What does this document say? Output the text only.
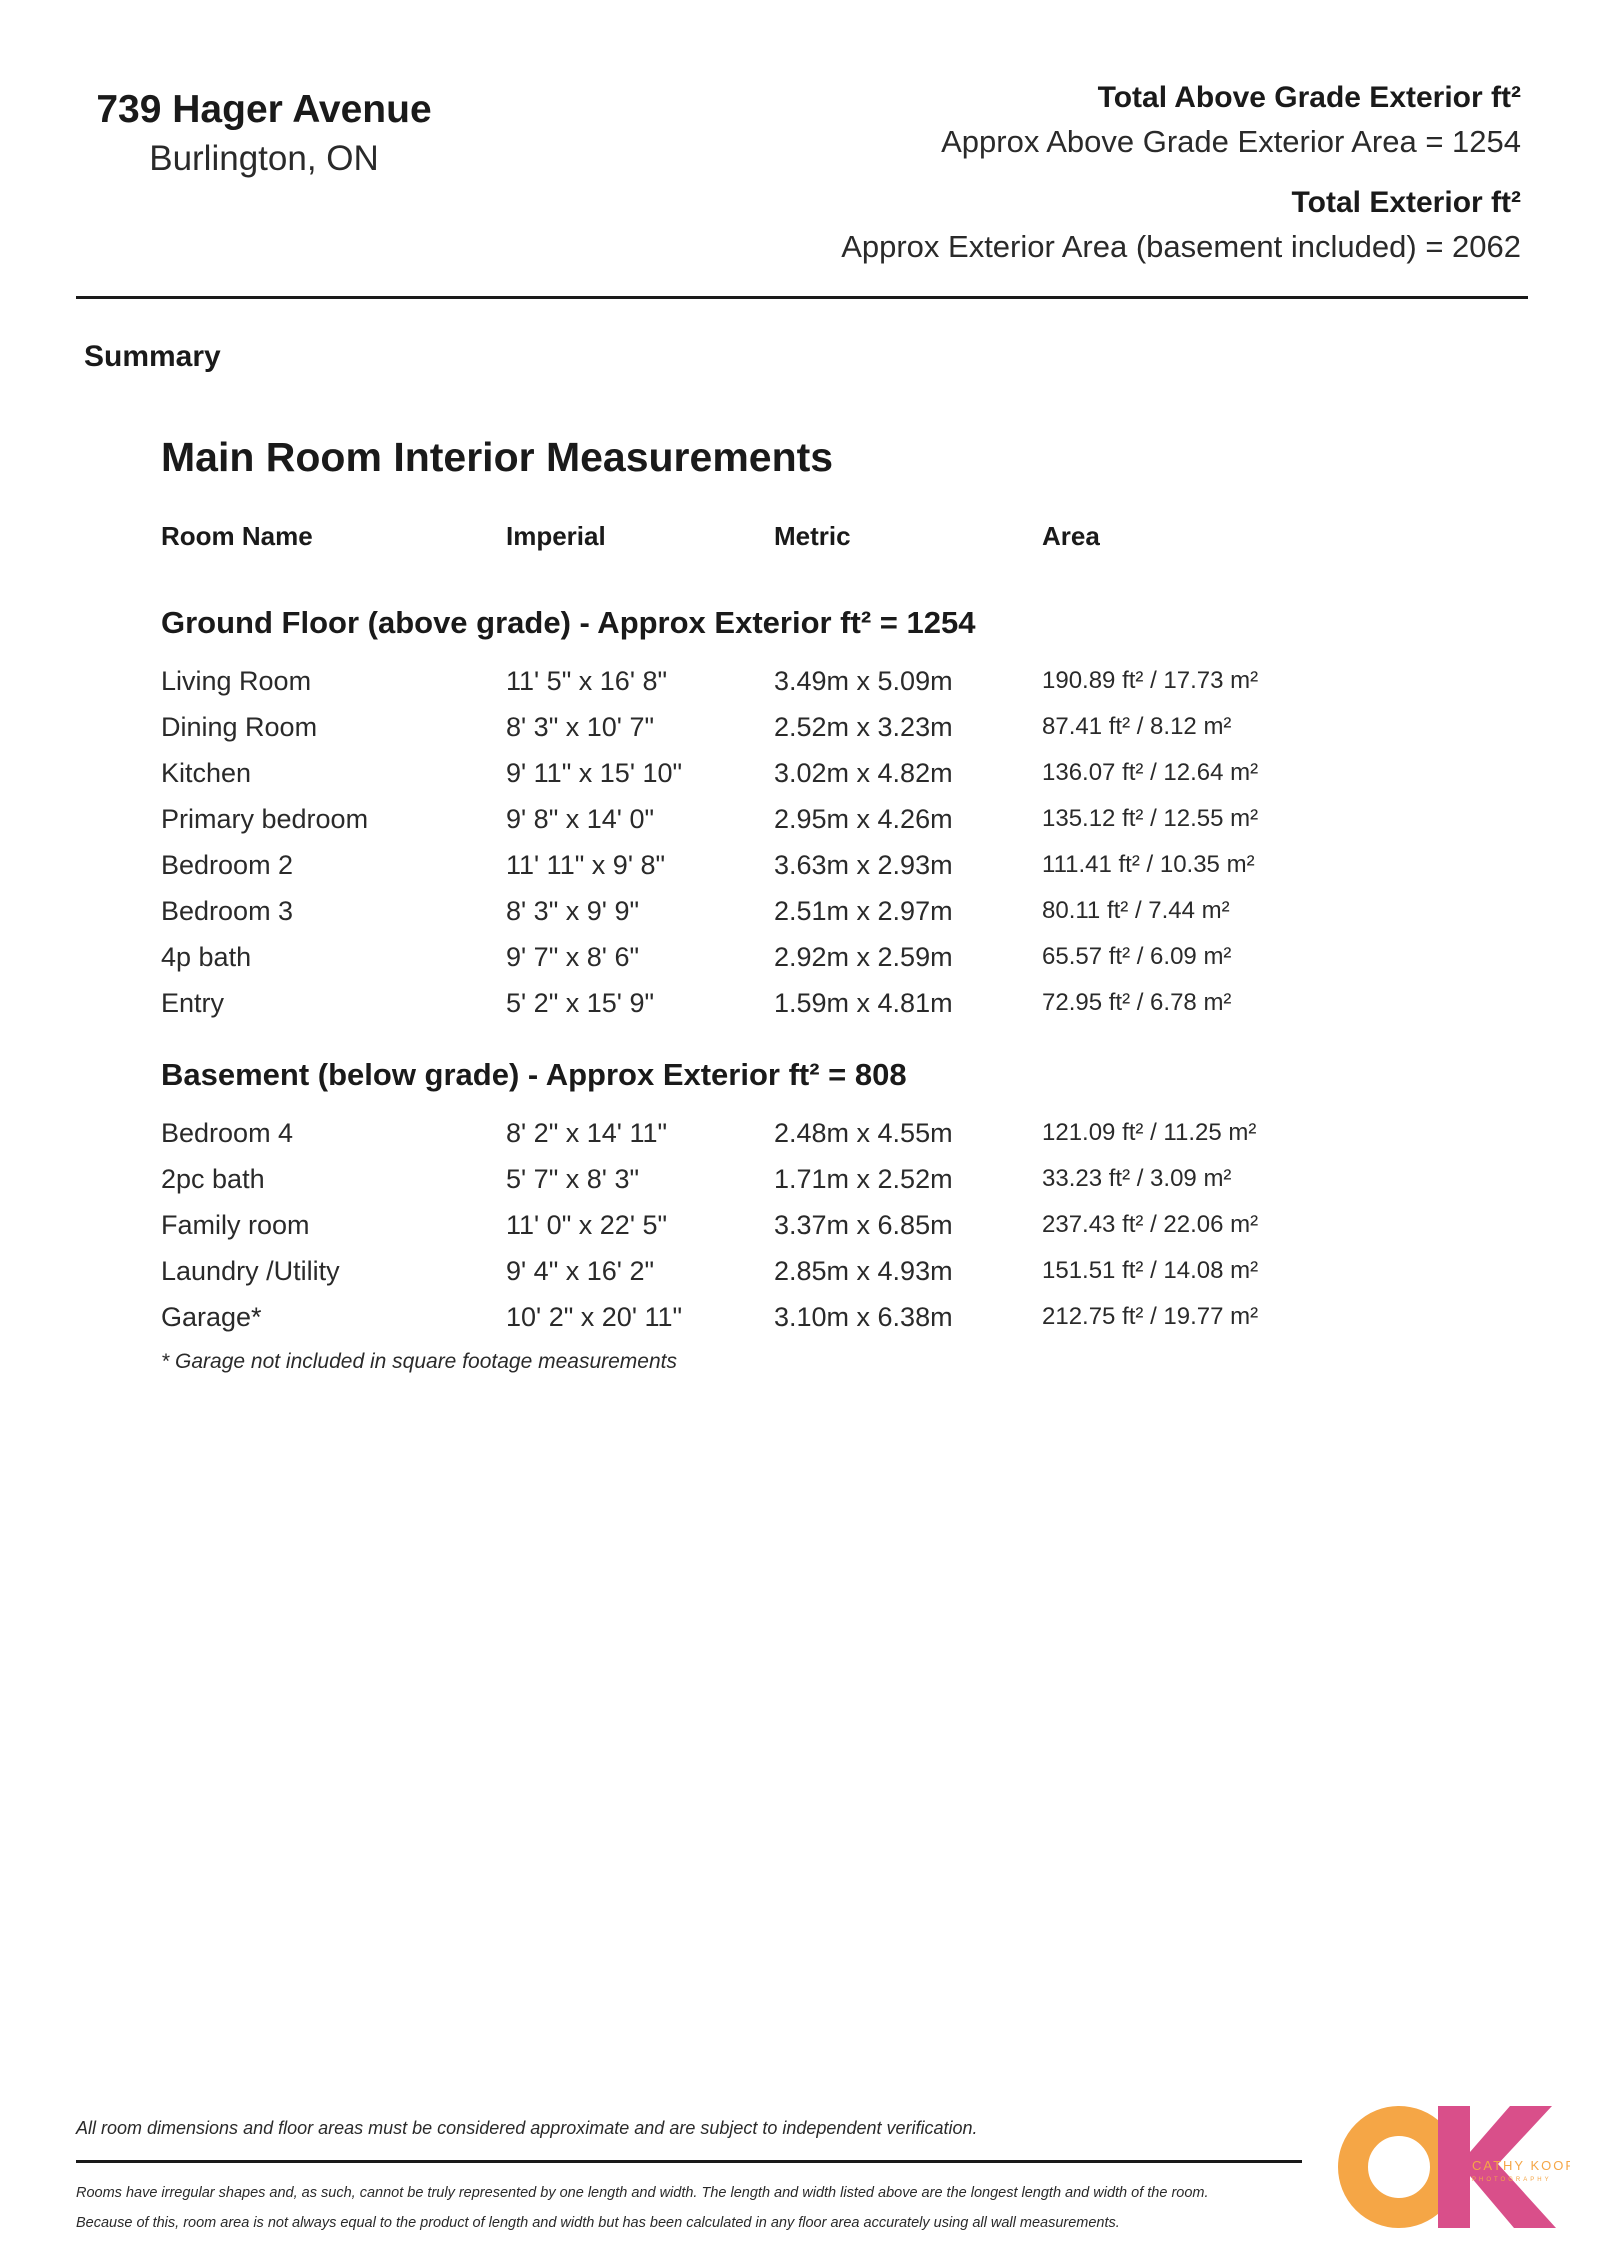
739 Hager Avenue
Burlington, ON
Total Above Grade Exterior ft²
Approx Above Grade Exterior Area = 1254
Total Exterior ft²
Approx Exterior Area (basement included) = 2062
Summary
Main Room Interior Measurements
Room Name	Imperial	Metric	Area
Ground Floor (above grade) - Approx Exterior ft² = 1254
Living Room	11' 5" x 16' 8"	3.49m x 5.09m	190.89 ft² / 17.73 m²
Dining Room	8' 3" x 10' 7"	2.52m x 3.23m	87.41 ft² / 8.12 m²
Kitchen	9' 11" x 15' 10"	3.02m x 4.82m	136.07 ft² / 12.64 m²
Primary bedroom	9' 8" x 14' 0"	2.95m x 4.26m	135.12 ft² / 12.55 m²
Bedroom 2	11' 11" x 9' 8"	3.63m x 2.93m	111.41 ft² / 10.35 m²
Bedroom 3	8' 3" x 9' 9"	2.51m x 2.97m	80.11 ft² / 7.44 m²
4p bath	9' 7" x 8' 6"	2.92m x 2.59m	65.57 ft² / 6.09 m²
Entry	5' 2" x 15' 9"	1.59m x 4.81m	72.95 ft² / 6.78 m²
Basement (below grade) - Approx Exterior ft² = 808
Bedroom 4	8' 2" x 14' 11"	2.48m x 4.55m	121.09 ft² / 11.25 m²
2pc bath	5' 7" x 8' 3"	1.71m x 2.52m	33.23 ft² / 3.09 m²
Family room	11' 0" x 22' 5"	3.37m x 6.85m	237.43 ft² / 22.06 m²
Laundry /Utility	9' 4" x 16' 2"	2.85m x 4.93m	151.51 ft² / 14.08 m²
Garage*	10' 2" x 20' 11"	3.10m x 6.38m	212.75 ft² / 19.77 m²
* Garage not included in square footage measurements
All room dimensions and floor areas must be considered approximate and are subject to independent verification.
Rooms have irregular shapes and, as such, cannot be truly represented by one length and width. The length and width listed above are the longest length and width of the room.
Because of this, room area is not always equal to the product of length and width but has been calculated in any floor area accurately using all wall measurements.
CATHY KOOP
PHOTOGRAPHY
